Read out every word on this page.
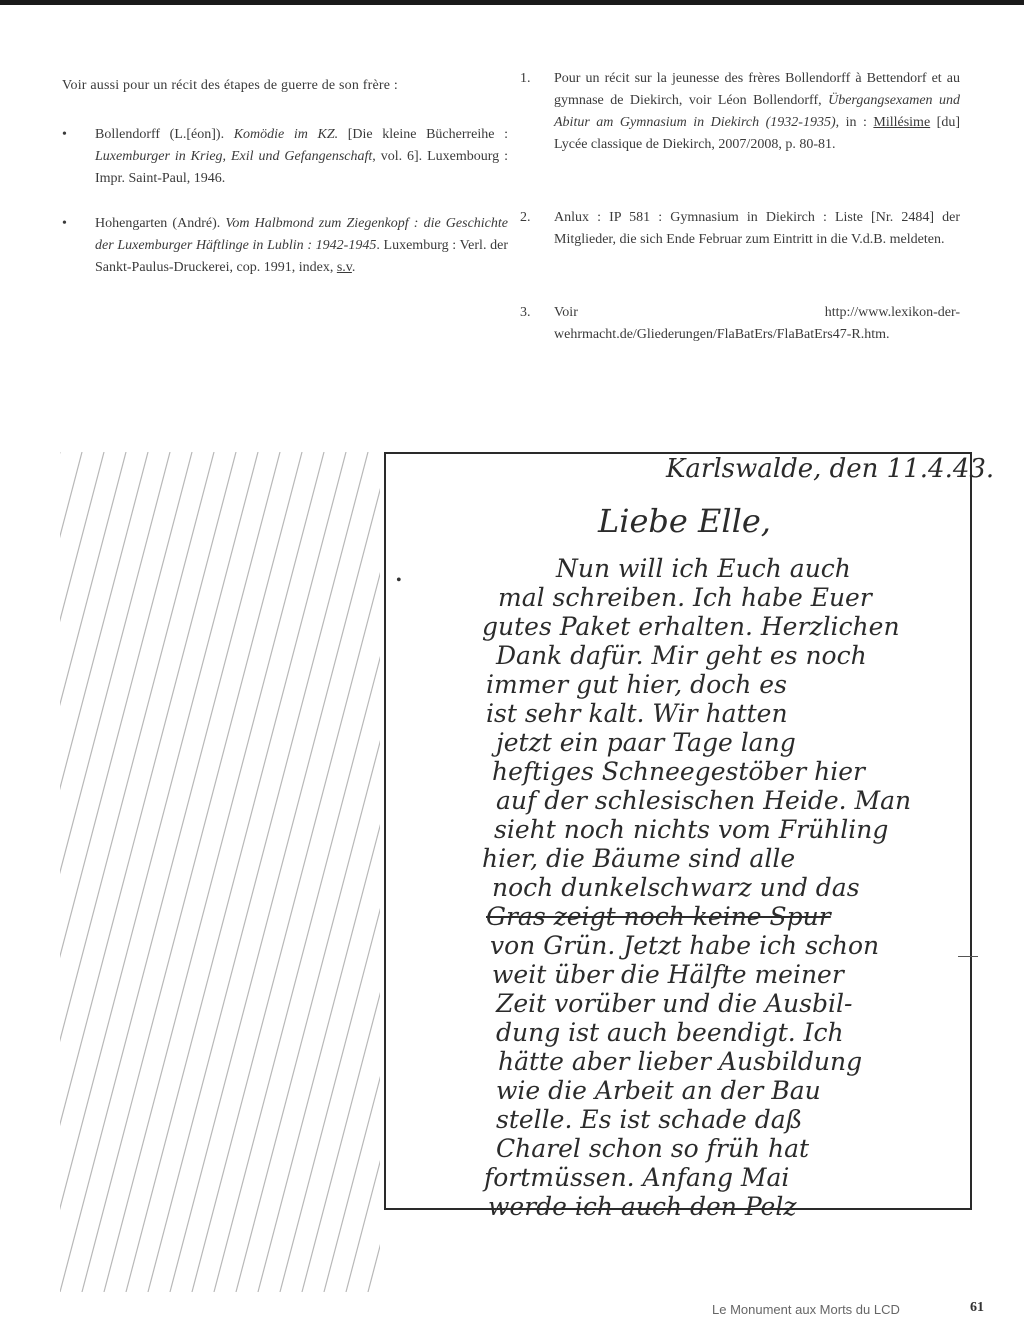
Voir aussi pour un récit des étapes de guerre de son frère :
• Bollendorff (L.[éon]). Komödie im KZ. [Die kleine Bücherreihe : Luxemburger in Krieg, Exil und Gefangenschaft, vol. 6]. Luxembourg : Impr. Saint-Paul, 1946.
• Hohengarten (André). Vom Halbmond zum Ziegenkopf : die Geschichte der Luxemburger Häftlinge in Lublin : 1942-1945. Luxemburg : Verl. der Sankt-Paulus-Druckerei, cop. 1991, index, s.v.
1. Pour un récit sur la jeunesse des frères Bollendorff à Bettendorf et au gymnase de Diekirch, voir Léon Bollendorff, Übergangsexamen und Abitur am Gymnasium in Diekirch (1932-1935), in : Millésime [du] Lycée classique de Diekirch, 2007/2008, p. 80-81.
2. Anlux : IP 581 : Gymnasium in Diekirch : Liste [Nr. 2484] der Mitglieder, die sich Ende Februar zum Eintritt in die V.d.B. meldeten.
3. Voir http://www.lexikon-der-wehrmacht.de/Gliederungen/FlaBatErs/FlaBatErs47-R.htm.
Karlswalde, den 11.4.43.
Liebe Elle,
•	Nun will ich Euch auch
mal schreiben. Ich habe Euer
gutes Paket erhalten. Herzlichen
Dank dafür. Mir geht es noch
immer gut hier, doch es
ist sehr kalt. Wir hatten
jetzt ein paar Tage lang
heftiges Schneegestöber hier
auf der schlesischen Heide. Man
sieht noch nichts vom Frühling
hier, die Bäume sind alle
noch dunkelschwarz und das
Gras zeigt noch keine Spur
von Grün. Jetzt habe ich schon
weit über die Hälfte meiner
Zeit vorüber und die Ausbil-
dung ist auch beendigt. Ich
hätte aber lieber Ausbildung
wie die Arbeit an der Bau
stelle. Es ist schade daß
Charel schon so früh hat
fortmüssen. Anfang Mai
werde ich auch den Pelz
Le Monument aux Morts du LCD	61
